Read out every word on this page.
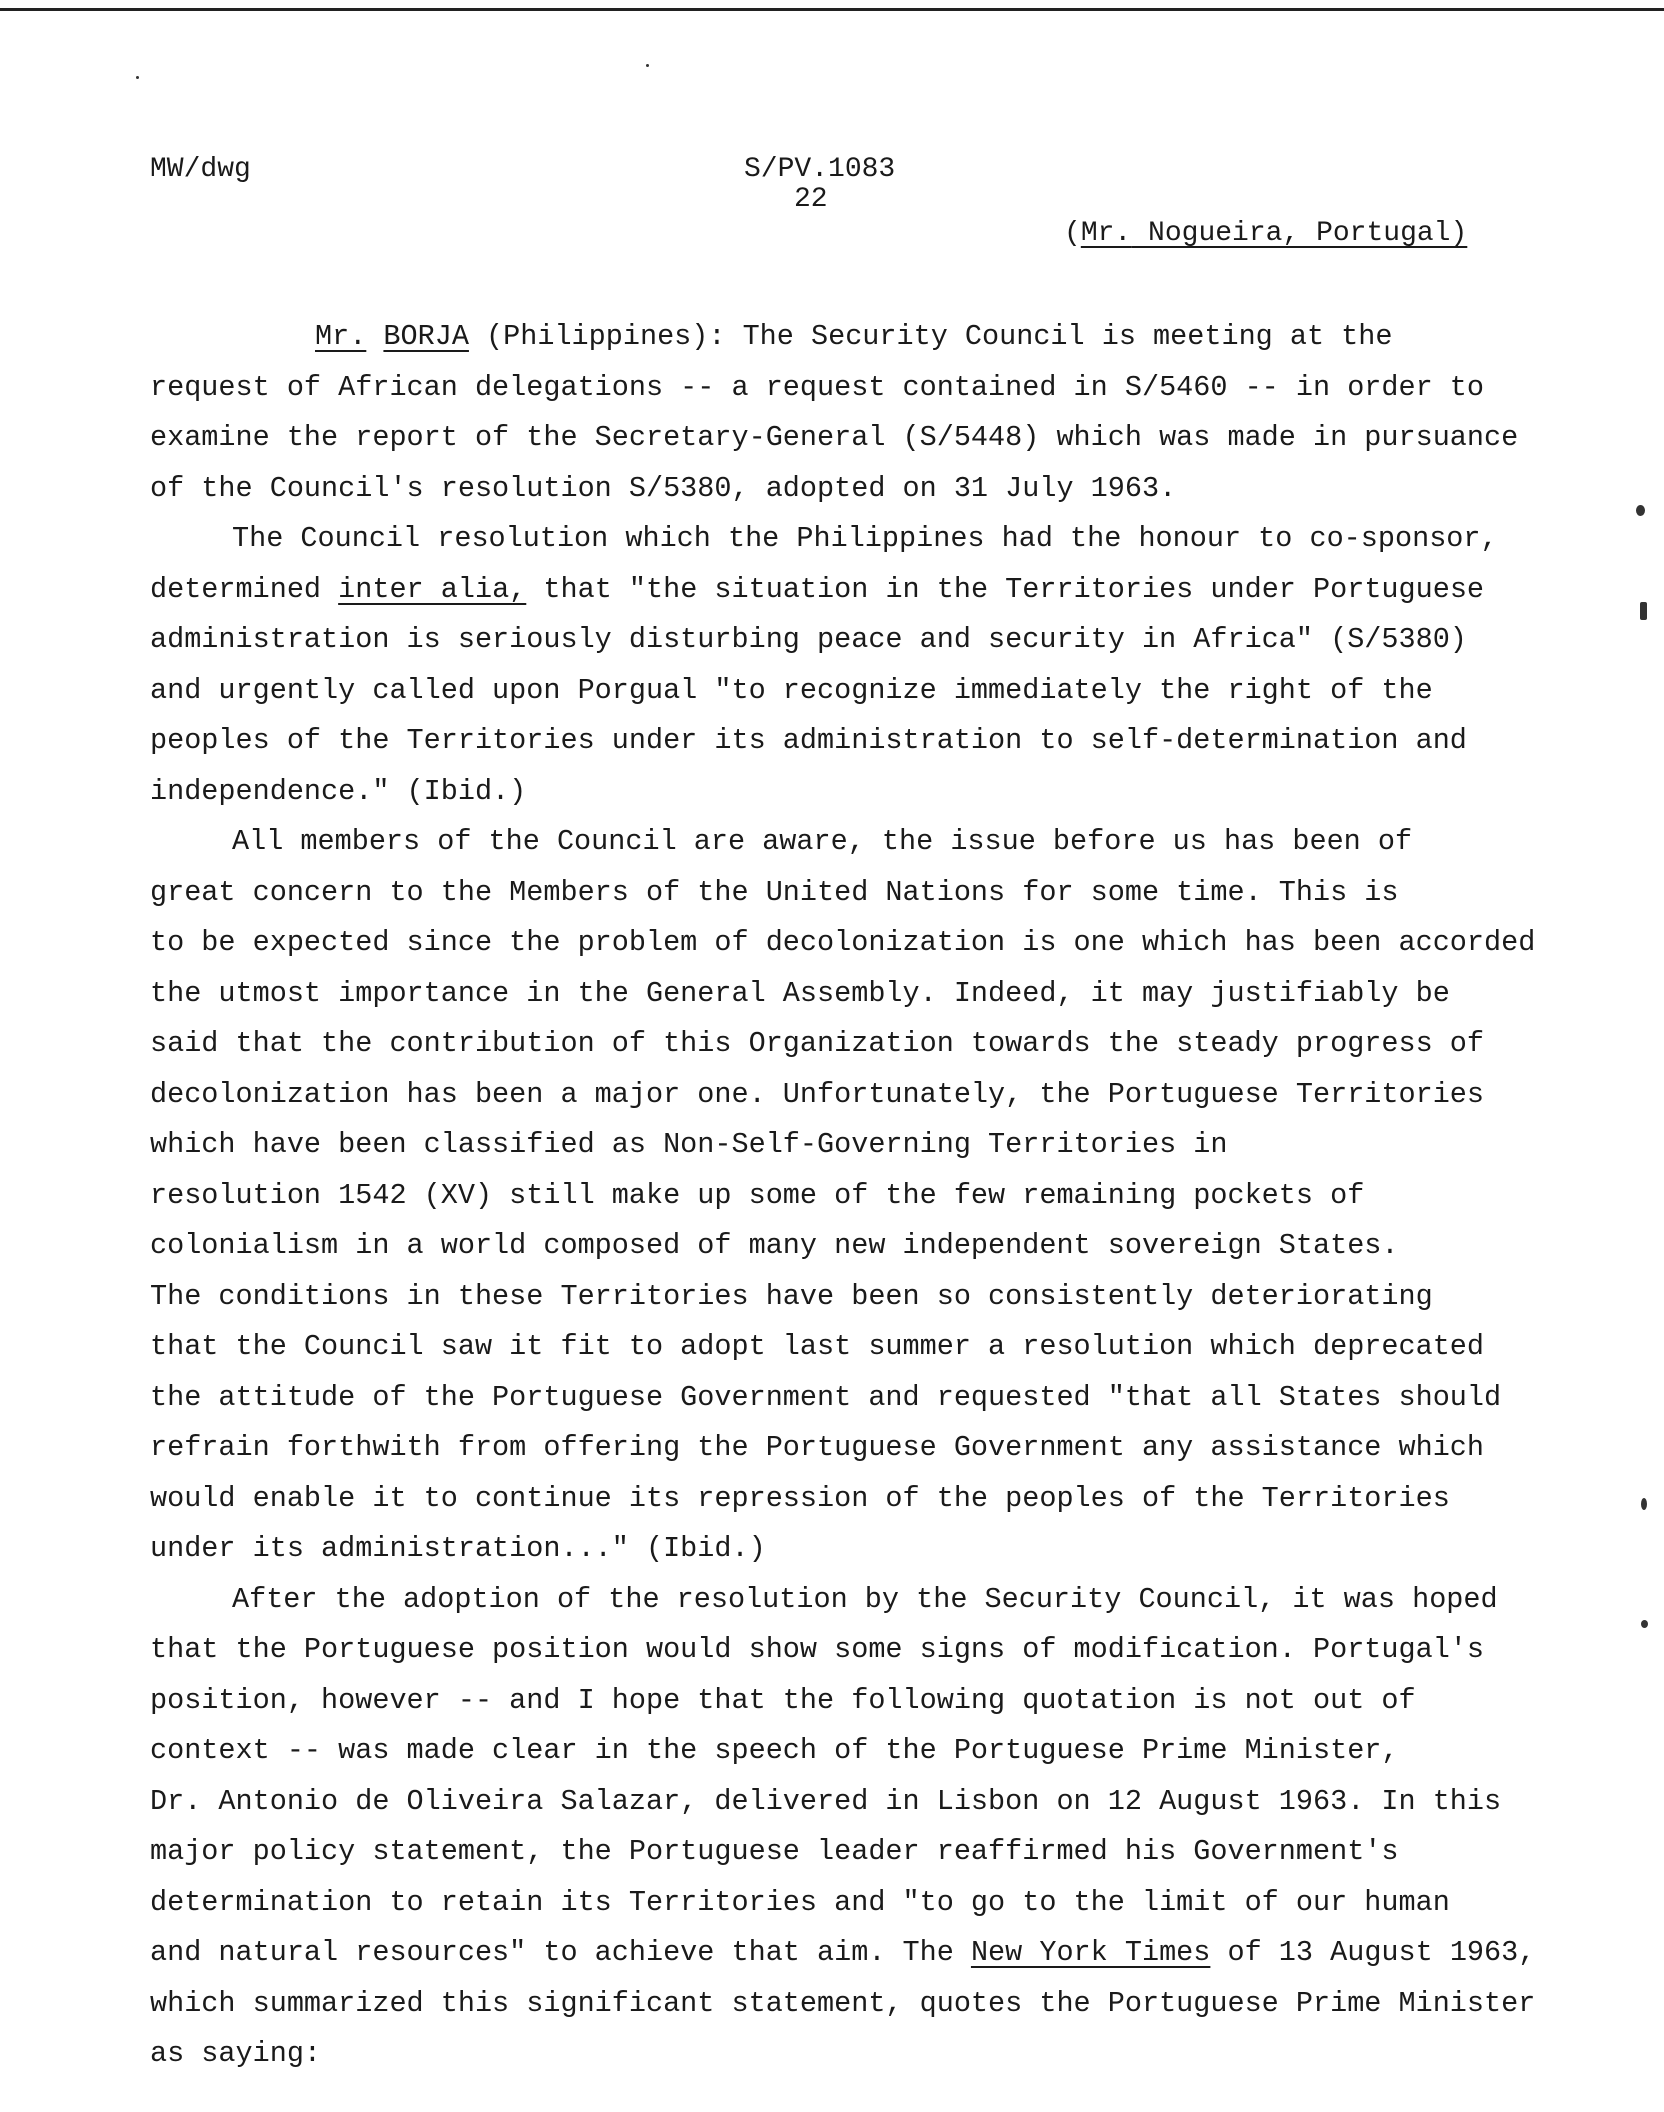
MW/dwg	S/PV.1083
22
(Mr. Nogueira, Portugal)
Mr. BORJA (Philippines): The Security Council is meeting at the
request of African delegations -- a request contained in S/5460 -- in order to
examine the report of the Secretary-General (S/5448) which was made in pursuance
of the Council's resolution S/5380, adopted on 31 July 1963.
The Council resolution which the Philippines had the honour to co-sponsor,
determined inter alia, that "the situation in the Territories under Portuguese
administration is seriously disturbing peace and security in Africa" (S/5380)
and urgently called upon Porgual "to recognize immediately the right of the
peoples of the Territories under its administration to self-determination and
independence." (Ibid.)
All members of the Council are aware, the issue before us has been of
great concern to the Members of the United Nations for some time. This is
to be expected since the problem of decolonization is one which has been accorded
the utmost importance in the General Assembly. Indeed, it may justifiably be
said that the contribution of this Organization towards the steady progress of
decolonization has been a major one. Unfortunately, the Portuguese Territories
which have been classified as Non-Self-Governing Territories in
resolution 1542 (XV) still make up some of the few remaining pockets of
colonialism in a world composed of many new independent sovereign States.
The conditions in these Territories have been so consistently deteriorating
that the Council saw it fit to adopt last summer a resolution which deprecated
the attitude of the Portuguese Government and requested "that all States should
refrain forthwith from offering the Portuguese Government any assistance which
would enable it to continue its repression of the peoples of the Territories
under its administration..." (Ibid.)
After the adoption of the resolution by the Security Council, it was hoped
that the Portuguese position would show some signs of modification. Portugal's
position, however -- and I hope that the following quotation is not out of
context -- was made clear in the speech of the Portuguese Prime Minister,
Dr. Antonio de Oliveira Salazar, delivered in Lisbon on 12 August 1963. In this
major policy statement, the Portuguese leader reaffirmed his Government's
determination to retain its Territories and "to go to the limit of our human
and natural resources" to achieve that aim. The New York Times of 13 August 1963,
which summarized this significant statement, quotes the Portuguese Prime Minister
as saying:
